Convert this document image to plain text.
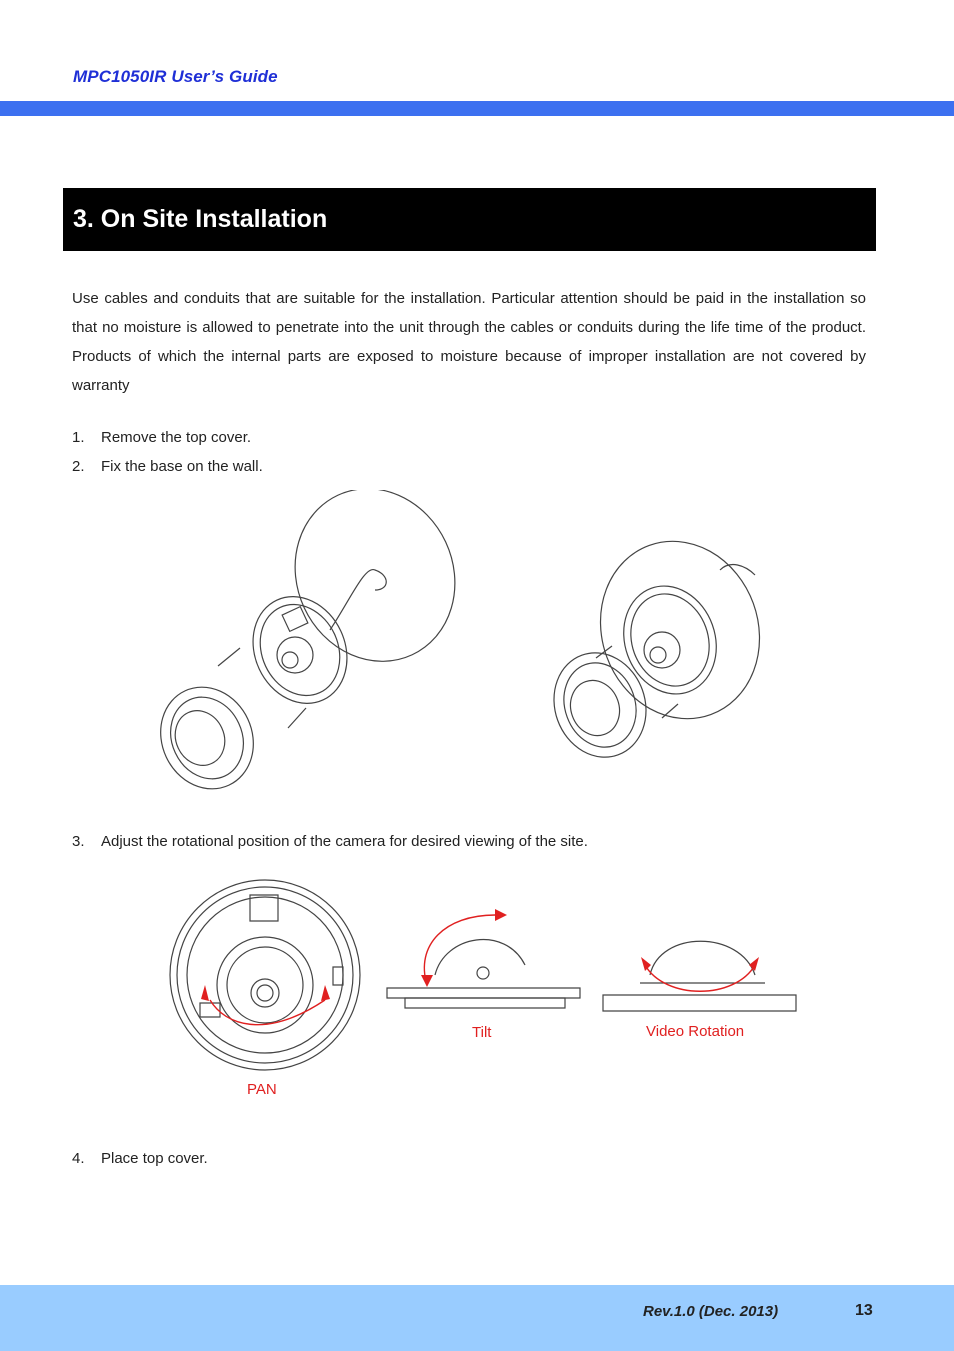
MPC1050IR User’s Guide
3. On Site Installation
Use cables and conduits that are suitable for the installation. Particular attention should be paid in the installation so that no moisture is allowed to penetrate into the unit through the cables or conduits during the life time of the product. Products of which the internal parts are exposed to moisture because of improper installation are not covered by warranty
1. Remove the top cover.
2. Fix the base on the wall.
3. Adjust the rotational position of the camera for desired viewing of the site.
PAN
Tilt	Video Rotation
4. Place top cover.
Rev.1.0 (Dec. 2013)	13
